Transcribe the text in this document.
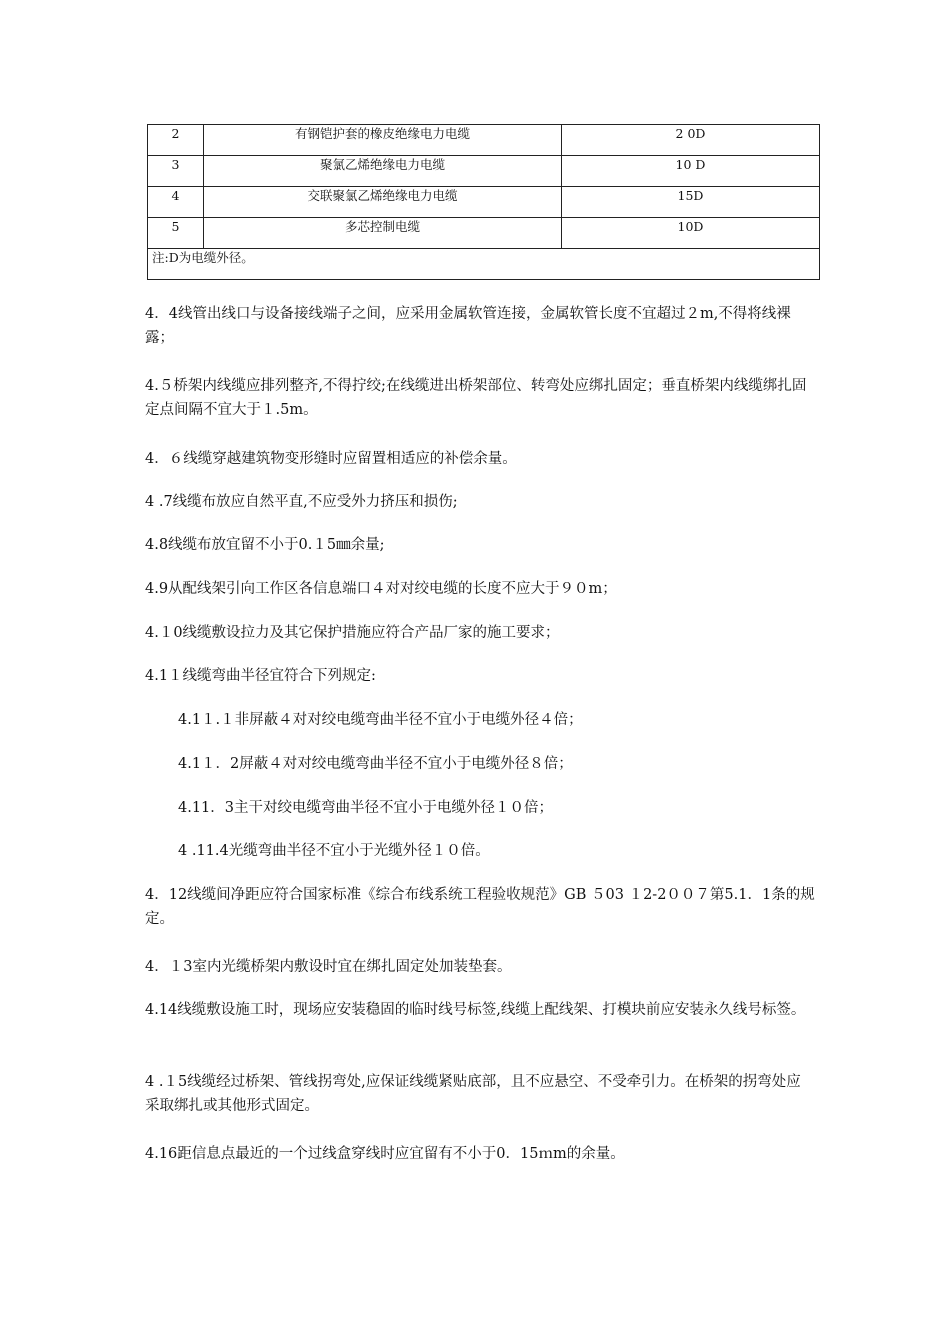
2	有钢铠护套的橡皮绝缘电力电缆	2 0D
3	聚氯乙烯绝缘电力电缆	10 D
4	交联聚氯乙烯绝缘电力电缆	15D
5	多芯控制电缆	10D
注:D为电缆外径。		

4．4线管出线口与设备接线端子之间，应采用金属软管连接，金属软管长度不宜超过２m,不得将线裸露；

4.５桥架内线缆应排列整齐,不得拧绞;在线缆进出桥架部位、转弯处应绑扎固定；垂直桥架内线缆绑扎固定点间隔不宜大于１.5m。

4．６线缆穿越建筑物变形缝时应留置相适应的补偿余量。

4 .7线缆布放应自然平直,不应受外力挤压和损伤;

4.8线缆布放宜留不小于0.１5㎜余量;

4.9从配线架引向工作区各信息端口４对对绞电缆的长度不应大于９０m；

4.１0线缆敷设拉力及其它保护措施应符合产品厂家的施工要求；

4.1１线缆弯曲半径宜符合下列规定:

4.1１.１非屏蔽４对对绞电缆弯曲半径不宜小于电缆外径４倍；

4.1１．2屏蔽４对对绞电缆弯曲半径不宜小于电缆外径８倍；

4.11．3主干对绞电缆弯曲半径不宜小于电缆外径１０倍；

4 .11.4光缆弯曲半径不宜小于光缆外径１０倍。

4．12线缆间净距应符合国家标准《综合布线系统工程验收规范》GB ５03 １2-2００７第5.1．1条的规定。

4．１3室内光缆桥架内敷设时宜在绑扎固定处加装垫套。

4.14线缆敷设施工时，现场应安装稳固的临时线号标签,线缆上配线架、打模块前应安装永久线号标签。

4 .１5线缆经过桥架、管线拐弯处,应保证线缆紧贴底部，且不应悬空、不受牵引力。在桥架的拐弯处应采取绑扎或其他形式固定。

4.16距信息点最近的一个过线盒穿线时应宜留有不小于0．15ｍm的余量。
